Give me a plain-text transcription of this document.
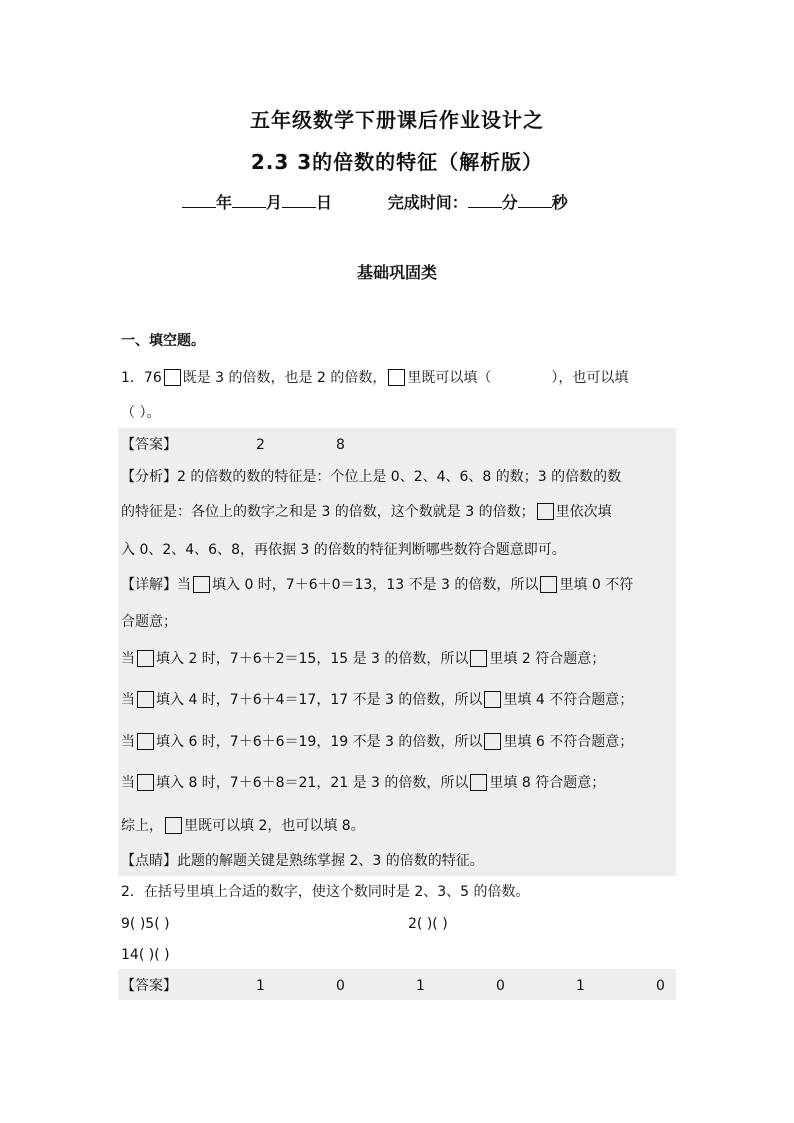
五年级数学下册课后作业设计之
2.3 3的倍数的特征（解析版）
年 月 日	完成时间： 分 秒
基础巩固类
一、填空题。
1．76 既是 3 的倍数，也是 2 的倍数， 里既可以填（	），也可以填
（ ）。
【答案】	2	8
【分析】2 的倍数的数的特征是：个位上是 0、2、4、6、8 的数；3 的倍数的数
的特征是：各位上的数字之和是 3 的倍数，这个数就是 3 的倍数； 里依次填
入 0、2、4、6、8，再依据 3 的倍数的特征判断哪些数符合题意即可。
【详解】当 填入 0 时，7＋6＋0＝13，13 不是 3 的倍数，所以 里填 0 不符
合题意；
当 填入 2 时，7＋6＋2＝15，15 是 3 的倍数，所以 里填 2 符合题意；
当 填入 4 时，7＋6＋4＝17，17 不是 3 的倍数，所以 里填 4 不符合题意；
当 填入 6 时，7＋6＋6＝19，19 不是 3 的倍数，所以 里填 6 不符合题意；
当 填入 8 时，7＋6＋8＝21，21 是 3 的倍数，所以 里填 8 符合题意；
综上， 里既可以填 2，也可以填 8。
【点睛】此题的解题关键是熟练掌握 2、3 的倍数的特征。
2．在括号里填上合适的数字，使这个数同时是 2、3、5 的倍数。
9( )5( )	2( )( )
14( )( )
【答案】	1	0	1	0	1	0
